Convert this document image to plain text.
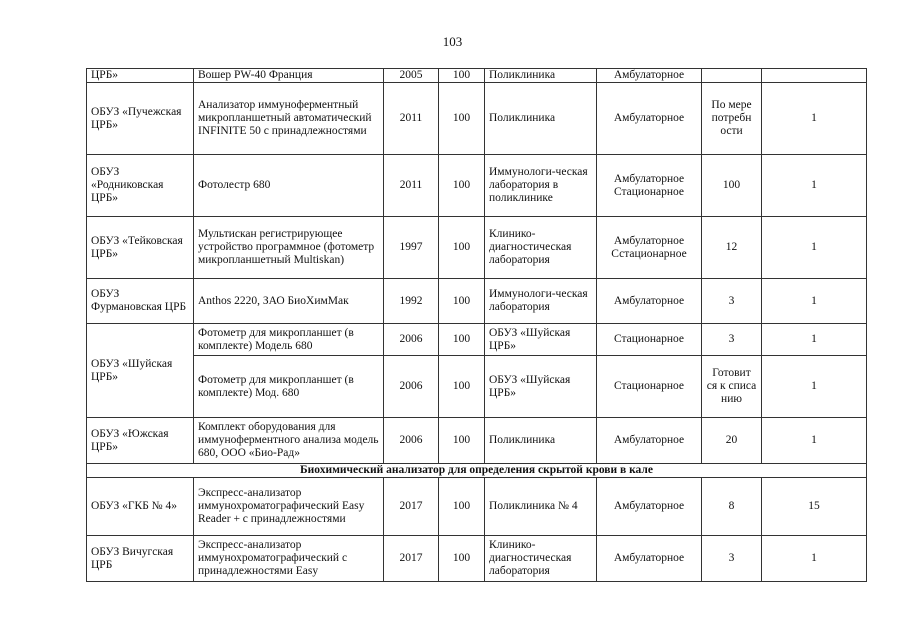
103
ЦРБ»	Вошер PW-40 Франция	2005	100	Поликлиника	Амбулаторное		
ОБУЗ «Пучежская ЦРБ»	Анализатор иммуноферментный микропланшетный автоматический INFINITE 50 с принадлежностями	2011	100	Поликлиника	Амбулаторное	По мере потребн ости	1
ОБУЗ «Родниковская ЦРБ»	Фотолестр 680	2011	100	Иммунологи-ческая лаборатория в поликлинике	Амбулаторное Стационарное	100	1
ОБУЗ «Тейковская ЦРБ»	Мультискан регистрирующее устройство программное (фотометр микропланшетный Multiskan)	1997	100	Клинико-диагностическая лаборатория	Амбулаторное Сстационарное	12	1
ОБУЗ Фурмановская ЦРБ	Anthos 2220, ЗАО БиоХимМак	1992	100	Иммунологи-ческая лаборатория	Амбулаторное	3	1
ОБУЗ «Шуйская ЦРБ»	Фотометр для микропланшет (в комплекте) Модель 680	2006	100	ОБУЗ «Шуйская ЦРБ»	Стационарное	3	1
	Фотометр для микропланшет (в комплекте) Мод. 680	2006	100	ОБУЗ «Шуйская ЦРБ»	Стационарное	Готовит ся к списа нию	1
ОБУЗ «Южская ЦРБ»	Комплект оборудования для иммуноферментного анализа модель 680, ООО «Био-Рад»	2006	100	Поликлиника	Амбулаторное	20	1
Биохимический анализатор для определения скрытой крови в кале							
ОБУЗ «ГКБ № 4»	Экспресс-анализатор иммунохроматографический Easy Reader + с принадлежностями	2017	100	Поликлиника № 4	Амбулаторное	8	15
ОБУЗ Вичугская ЦРБ	Экспресс-анализатор иммунохроматографический с принадлежностями Easy	2017	100	Клинико-диагностическая лаборатория	Амбулаторное	3	1
